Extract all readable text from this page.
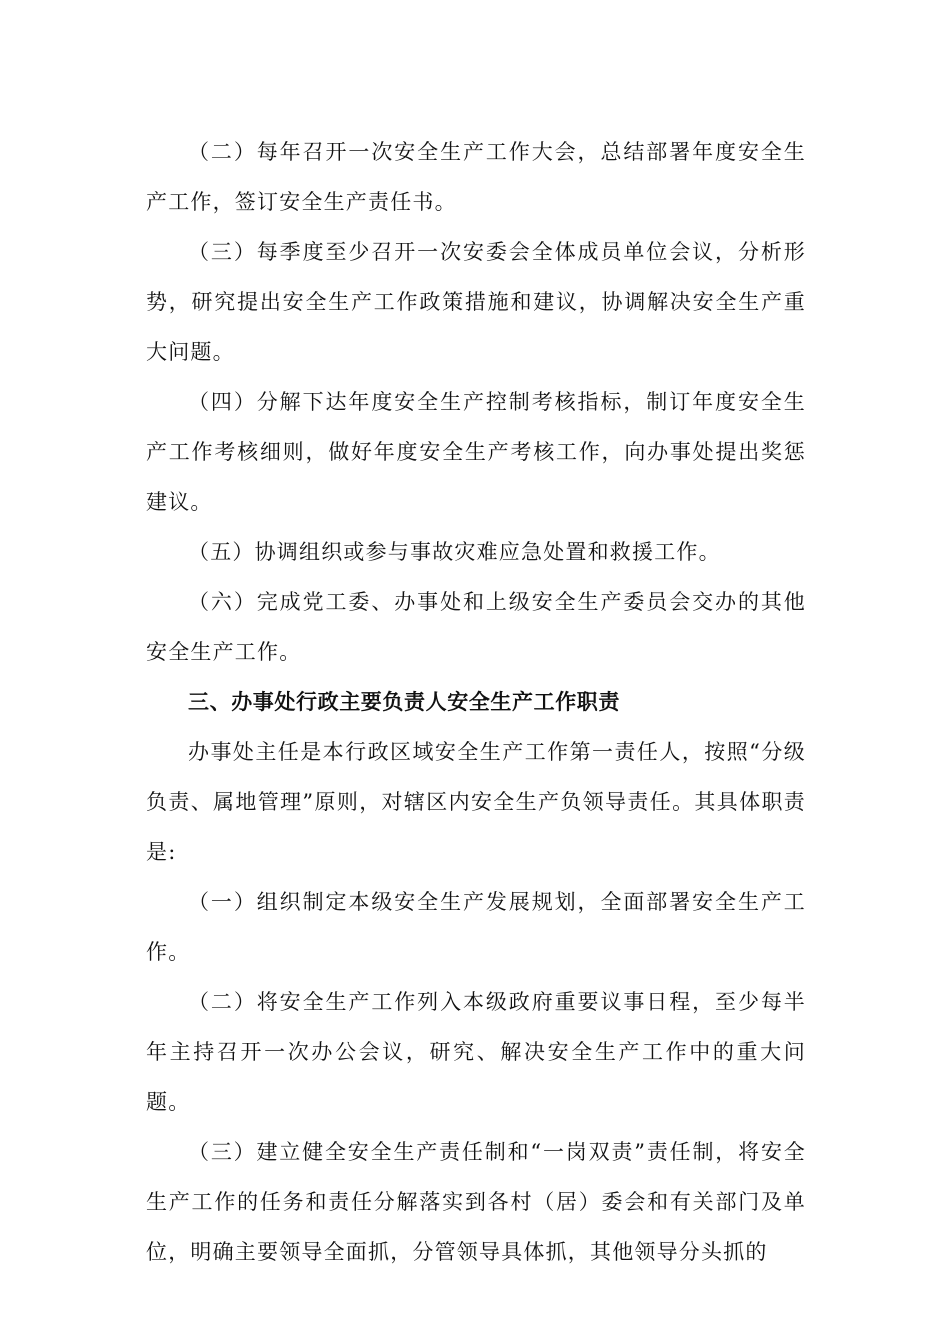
（二）每年召开一次安全生产工作大会，总结部署年度安全生产工作，签订安全生产责任书。

（三）每季度至少召开一次安委会全体成员单位会议，分析形势，研究提出安全生产工作政策措施和建议，协调解决安全生产重大问题。

（四）分解下达年度安全生产控制考核指标，制订年度安全生产工作考核细则，做好年度安全生产考核工作，向办事处提出奖惩建议。

（五）协调组织或参与事故灾难应急处置和救援工作。

（六）完成党工委、办事处和上级安全生产委员会交办的其他安全生产工作。

三、办事处行政主要负责人安全生产工作职责

办事处主任是本行政区域安全生产工作第一责任人，按照“分级负责、属地管理”原则，对辖区内安全生产负领导责任。其具体职责是:

（一）组织制定本级安全生产发展规划，全面部署安全生产工作。

（二）将安全生产工作列入本级政府重要议事日程，至少每半年主持召开一次办公会议，研究、解决安全生产工作中的重大问题。

（三）建立健全安全生产责任制和“一岗双责”责任制，将安全生产工作的任务和责任分解落实到各村（居）委会和有关部门及单位，明确主要领导全面抓，分管领导具体抓，其他领导分头抓的
